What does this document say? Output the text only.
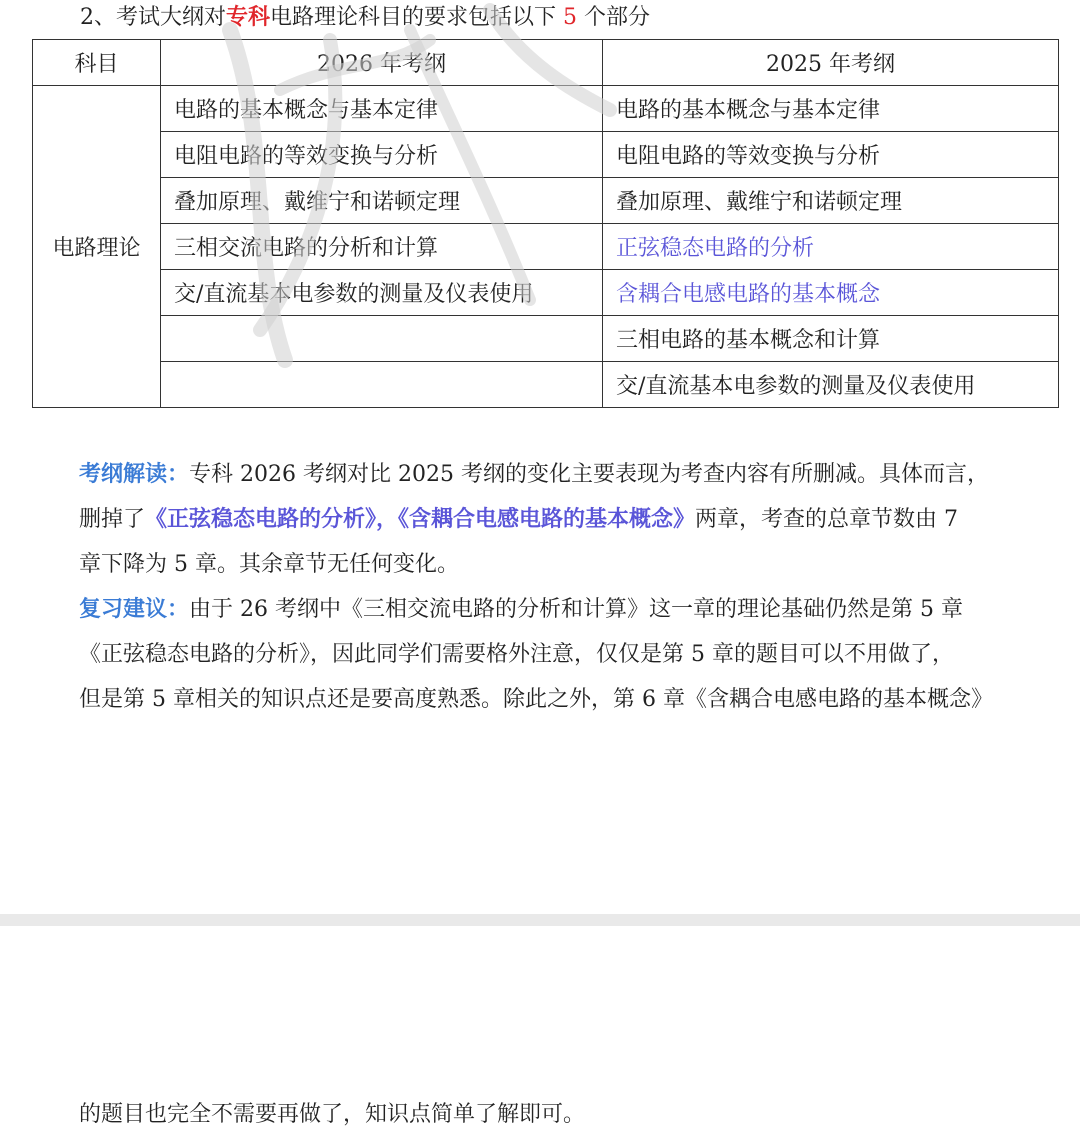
2、考试大纲对专科电路理论科目的要求包括以下 5 个部分
科目	2026 年考纲	2025 年考纲
电路理论	电路的基本概念与基本定律	电路的基本概念与基本定律
	电阻电路的等效变换与分析	电阻电路的等效变换与分析
	叠加原理、戴维宁和诺顿定理	叠加原理、戴维宁和诺顿定理
	三相交流电路的分析和计算	正弦稳态电路的分析
	交/直流基本电参数的测量及仪表使用	含耦合电感电路的基本概念
		三相电路的基本概念和计算
		交/直流基本电参数的测量及仪表使用
考纲解读：专科 2026 考纲对比 2025 考纲的变化主要表现为考查内容有所删减。具体而言，
删掉了《正弦稳态电路的分析》，《含耦合电感电路的基本概念》两章，考查的总章节数由 7
章下降为 5 章。其余章节无任何变化。
复习建议：由于 26 考纲中《三相交流电路的分析和计算》这一章的理论基础仍然是第 5 章
《正弦稳态电路的分析》，因此同学们需要格外注意，仅仅是第 5 章的题目可以不用做了，
但是第 5 章相关的知识点还是要高度熟悉。除此之外，第 6 章《含耦合电感电路的基本概念》
的题目也完全不需要再做了，知识点简单了解即可。
